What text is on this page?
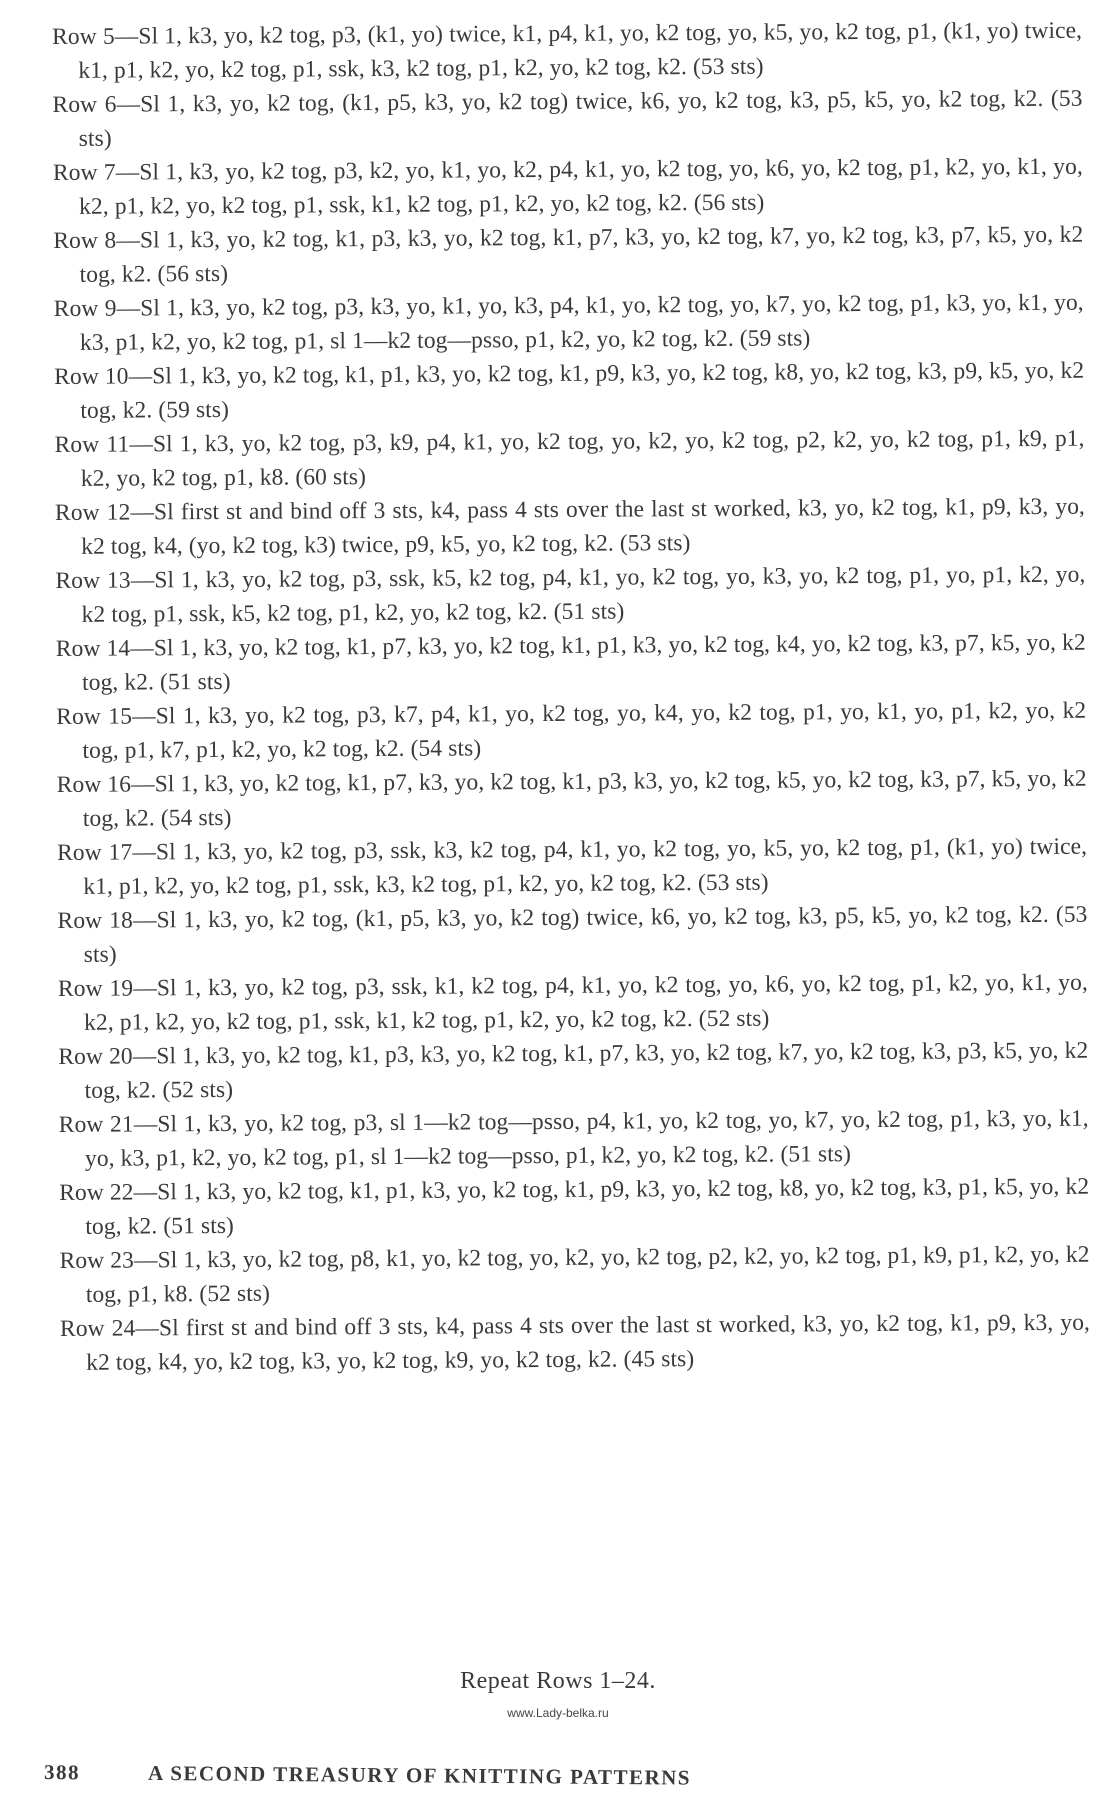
Row 5—Sl 1, k3, yo, k2 tog, p3, (k1, yo) twice, k1, p4, k1, yo, k2 tog, yo, k5, yo, k2 tog, p1, (k1, yo) twice, k1, p1, k2, yo, k2 tog, p1, ssk, k3, k2 tog, p1, k2, yo, k2 tog, k2. (53 sts)

Row 6—Sl 1, k3, yo, k2 tog, (k1, p5, k3, yo, k2 tog) twice, k6, yo, k2 tog, k3, p5, k5, yo, k2 tog, k2. (53 sts)

Row 7—Sl 1, k3, yo, k2 tog, p3, k2, yo, k1, yo, k2, p4, k1, yo, k2 tog, yo, k6, yo, k2 tog, p1, k2, yo, k1, yo, k2, p1, k2, yo, k2 tog, p1, ssk, k1, k2 tog, p1, k2, yo, k2 tog, k2. (56 sts)

Row 8—Sl 1, k3, yo, k2 tog, k1, p3, k3, yo, k2 tog, k1, p7, k3, yo, k2 tog, k7, yo, k2 tog, k3, p7, k5, yo, k2 tog, k2. (56 sts)

Row 9—Sl 1, k3, yo, k2 tog, p3, k3, yo, k1, yo, k3, p4, k1, yo, k2 tog, yo, k7, yo, k2 tog, p1, k3, yo, k1, yo, k3, p1, k2, yo, k2 tog, p1, sl 1—k2 tog—psso, p1, k2, yo, k2 tog, k2. (59 sts)

Row 10—Sl 1, k3, yo, k2 tog, k1, p1, k3, yo, k2 tog, k1, p9, k3, yo, k2 tog, k8, yo, k2 tog, k3, p9, k5, yo, k2 tog, k2. (59 sts)

Row 11—Sl 1, k3, yo, k2 tog, p3, k9, p4, k1, yo, k2 tog, yo, k2, yo, k2 tog, p2, k2, yo, k2 tog, p1, k9, p1, k2, yo, k2 tog, p1, k8. (60 sts)

Row 12—Sl first st and bind off 3 sts, k4, pass 4 sts over the last st worked, k3, yo, k2 tog, k1, p9, k3, yo, k2 tog, k4, (yo, k2 tog, k3) twice, p9, k5, yo, k2 tog, k2. (53 sts)

Row 13—Sl 1, k3, yo, k2 tog, p3, ssk, k5, k2 tog, p4, k1, yo, k2 tog, yo, k3, yo, k2 tog, p1, yo, p1, k2, yo, k2 tog, p1, ssk, k5, k2 tog, p1, k2, yo, k2 tog, k2. (51 sts)

Row 14—Sl 1, k3, yo, k2 tog, k1, p7, k3, yo, k2 tog, k1, p1, k3, yo, k2 tog, k4, yo, k2 tog, k3, p7, k5, yo, k2 tog, k2. (51 sts)

Row 15—Sl 1, k3, yo, k2 tog, p3, k7, p4, k1, yo, k2 tog, yo, k4, yo, k2 tog, p1, yo, k1, yo, p1, k2, yo, k2 tog, p1, k7, p1, k2, yo, k2 tog, k2. (54 sts)

Row 16—Sl 1, k3, yo, k2 tog, k1, p7, k3, yo, k2 tog, k1, p3, k3, yo, k2 tog, k5, yo, k2 tog, k3, p7, k5, yo, k2 tog, k2. (54 sts)

Row 17—Sl 1, k3, yo, k2 tog, p3, ssk, k3, k2 tog, p4, k1, yo, k2 tog, yo, k5, yo, k2 tog, p1, (k1, yo) twice, k1, p1, k2, yo, k2 tog, p1, ssk, k3, k2 tog, p1, k2, yo, k2 tog, k2. (53 sts)

Row 18—Sl 1, k3, yo, k2 tog, (k1, p5, k3, yo, k2 tog) twice, k6, yo, k2 tog, k3, p5, k5, yo, k2 tog, k2. (53 sts)

Row 19—Sl 1, k3, yo, k2 tog, p3, ssk, k1, k2 tog, p4, k1, yo, k2 tog, yo, k6, yo, k2 tog, p1, k2, yo, k1, yo, k2, p1, k2, yo, k2 tog, p1, ssk, k1, k2 tog, p1, k2, yo, k2 tog, k2. (52 sts)

Row 20—Sl 1, k3, yo, k2 tog, k1, p3, k3, yo, k2 tog, k1, p7, k3, yo, k2 tog, k7, yo, k2 tog, k3, p3, k5, yo, k2 tog, k2. (52 sts)

Row 21—Sl 1, k3, yo, k2 tog, p3, sl 1—k2 tog—psso, p4, k1, yo, k2 tog, yo, k7, yo, k2 tog, p1, k3, yo, k1, yo, k3, p1, k2, yo, k2 tog, p1, sl 1—k2 tog—psso, p1, k2, yo, k2 tog, k2. (51 sts)

Row 22—Sl 1, k3, yo, k2 tog, k1, p1, k3, yo, k2 tog, k1, p9, k3, yo, k2 tog, k8, yo, k2 tog, k3, p1, k5, yo, k2 tog, k2. (51 sts)

Row 23—Sl 1, k3, yo, k2 tog, p8, k1, yo, k2 tog, yo, k2, yo, k2 tog, p2, k2, yo, k2 tog, p1, k9, p1, k2, yo, k2 tog, p1, k8. (52 sts)

Row 24—Sl first st and bind off 3 sts, k4, pass 4 sts over the last st worked, k3, yo, k2 tog, k1, p9, k3, yo, k2 tog, k4, yo, k2 tog, k3, yo, k2 tog, k9, yo, k2 tog, k2. (45 sts)

Repeat Rows 1–24.
www.Lady-belka.ru
388	A SECOND TREASURY OF KNITTING PATTERNS
